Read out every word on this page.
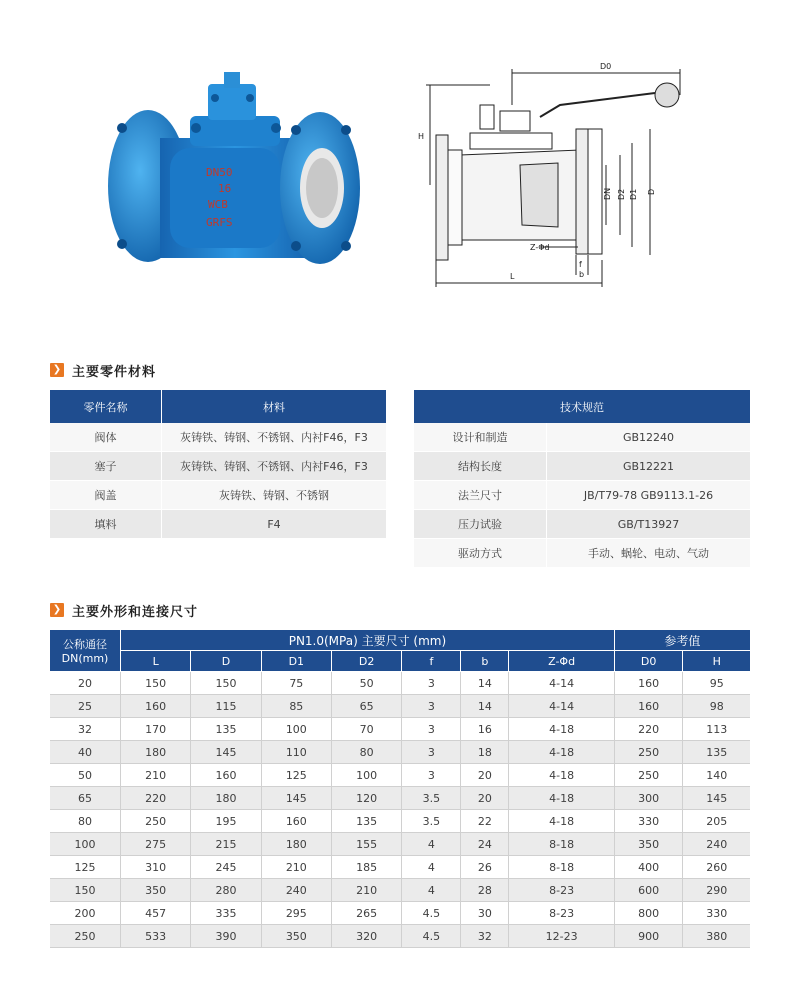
DN50
16
WCB
GRFS
D0
H
DN D2 D1 D
Z-Φd
f
b
L
❯ 主要零件材料
零件名称	材料
阀体	灰铸铁、铸钢、不锈钢、内衬F46，F3
塞子	灰铸铁、铸钢、不锈钢、内衬F46，F3
阀盖	灰铸铁、铸钢、不锈钢
填料	F4
技术规范	
设计和制造	GB12240
结构长度	GB12221
法兰尺寸	JB/T79-78 GB9113.1-26
压力试验	GB/T13927
驱动方式	手动、蜗轮、电动、气动
❯ 主要外形和连接尺寸
公称通径 DN(mm)	PN1.0(MPa) 主要尺寸 (mm)							参考值	
	L	D	D1	D2	f	b	Z-Φd	D0	H
20	150	150	75	50	3	14	4-14	160	95
25	160	115	85	65	3	14	4-14	160	98
32	170	135	100	70	3	16	4-18	220	113
40	180	145	110	80	3	18	4-18	250	135
50	210	160	125	100	3	20	4-18	250	140
65	220	180	145	120	3.5	20	4-18	300	145
80	250	195	160	135	3.5	22	4-18	330	205
100	275	215	180	155	4	24	8-18	350	240
125	310	245	210	185	4	26	8-18	400	260
150	350	280	240	210	4	28	8-23	600	290
200	457	335	295	265	4.5	30	8-23	800	330
250	533	390	350	320	4.5	32	12-23	900	380
